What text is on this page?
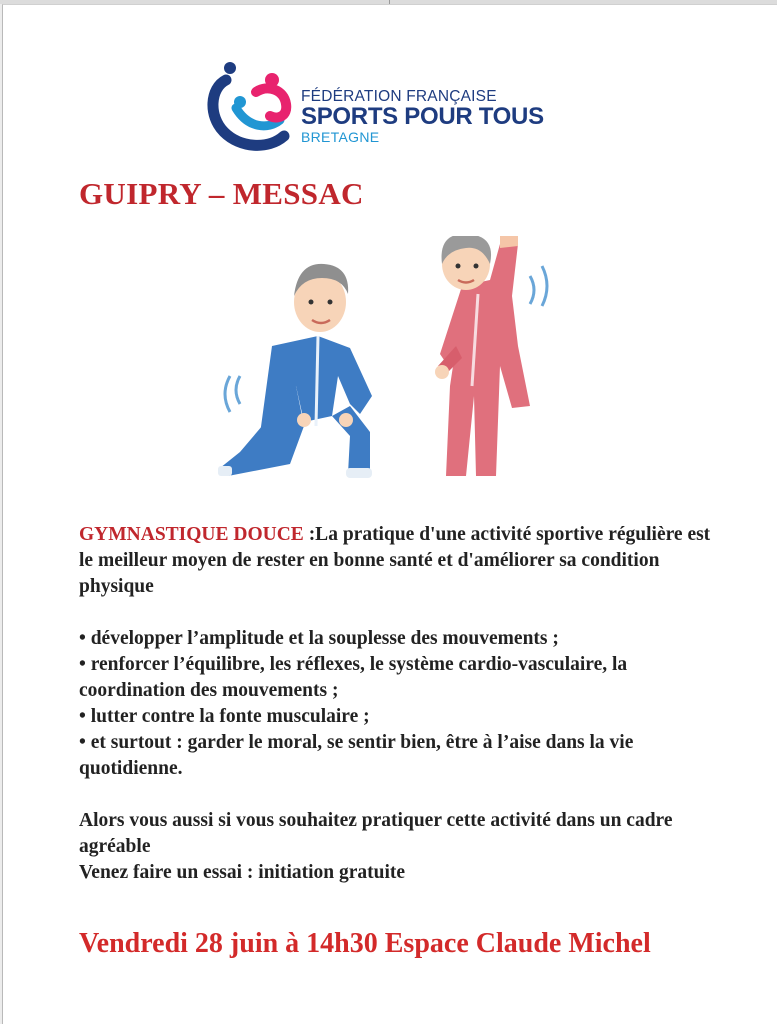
FÉDÉRATION FRANÇAISE
SPORTS POUR TOUS
BRETAGNE
GUIPRY – MESSAC

GYMNASTIQUE DOUCE :La pratique d'une activité sportive régulière est le meilleur moyen de rester en bonne santé et d'améliorer sa condition physique

• développer l’amplitude et la souplesse des mouvements ;

• renforcer l’équilibre, les réflexes, le système cardio-vasculaire, la coordination des mouvements ;

• lutter contre la fonte musculaire ;

• et surtout : garder le moral, se sentir bien, être à l’aise dans la vie quotidienne.

Alors vous aussi si vous souhaitez pratiquer cette activité dans un cadre agréable

Venez faire un essai : initiation gratuite

Vendredi 28 juin à 14h30 Espace Claude Michel
